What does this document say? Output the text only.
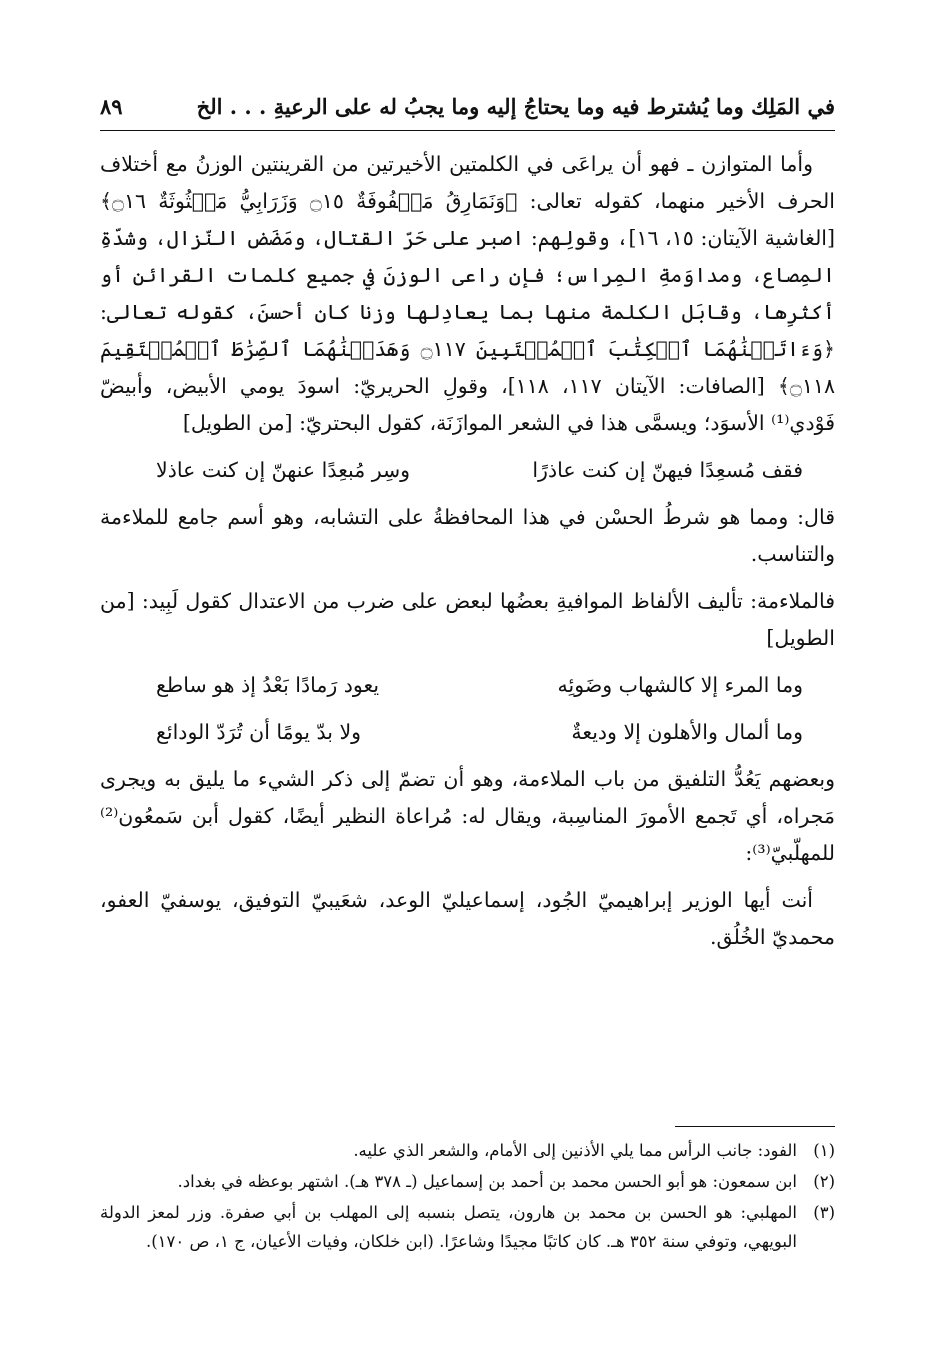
في المَلِك وما يُشترط فيه وما يحتاجُ إليه وما يجبُ له على الرعيةِ . . . الخ
٨٩

وأما المتوازن ـ فهو أن يراعَى في الكلمتين الأخيرتين من القرينتين الوزنُ مع أختلاف الحرف الأخير منهما، كقوله تعالى: ﴿وَنَمَارِقُ مَصۡفُوفَةٌ ۝١٥ وَزَرَابِيُّ مَبۡثُوثَةٌ ۝١٦﴾ [الغاشية الآيتان: ١٥، ١٦]، وقولِهم: اصبر على حَرّ القتال، ومَضَض النّزال، وشدّةِ المِصاع، ومداوَمةِ المِراس؛ فإن راعى الوزنَ في جميع كلمات القرائن أو أكثرِها، وقابَل الكلمة منها بما يعادِلها وزنا كان أحسنَ، كقوله تعالى: ﴿وَءَاتَيۡنَٰهُمَا ٱلۡكِتَٰبَ ٱلۡمُسۡتَبِينَ ۝١١٧ وَهَدَيۡنَٰهُمَا ٱلصِّرَٰطَ ٱلۡمُسۡتَقِيمَ ۝١١٨﴾ [الصافات: الآيتان ١١٧، ١١٨]، وقولِ الحريريّ: اسودَ يومي الأبيض، وأبيضّ فَوْدي⁽¹⁾ الأسوَد؛ ويسمَّى هذا في الشعر الموازَنَة، كقول البحتريّ: [من الطويل]

فقف مُسعِدًا فيهنّ إن كنت عاذرًا
وسِر مُبعِدًا عنهنّ إن كنت عاذلا

قال: ومما هو شرطُ الحسْن في هذا المحافظةُ على التشابه، وهو أسم جامع للملاءمة والتناسب.

فالملاءمة: تأليف الألفاظ الموافيةِ بعضُها لبعض على ضرب من الاعتدال كقول لَبِيد: [من الطويل]

وما المرء إلا كالشهاب وضَوئِه
يعود رَمادًا بَعْدُ إذ هو ساطع
وما ألمال والأهلون إلا وديعةٌ
ولا بدّ يومًا أن تُرَدّ الودائع

وبعضهم يَعُدُّ التلفيق من باب الملاءمة، وهو أن تضمّ إلى ذكر الشيء ما يليق به ويجرى مَجراه، أي تَجمع الأمورَ المناسِبة، ويقال له: مُراعاة النظير أيضًا، كقول أبن سَمعُون⁽²⁾ للمهلّبيّ⁽³⁾:

أنت أيها الوزير إبراهيميّ الجُود، إسماعيليّ الوعد، شعَيبيّ التوفيق، يوسفيّ العفو، محمديّ الخُلُق.

(١)
الفود: جانب الرأس مما يلي الأذنين إلى الأمام، والشعر الذي عليه.
(٢)
ابن سمعون: هو أبو الحسن محمد بن أحمد بن إسماعيل (ـ ٣٧٨ هـ). اشتهر بوعظه في بغداد.
(٣)
المهلبي: هو الحسن بن محمد بن هارون، يتصل بنسبه إلى المهلب بن أبي صفرة. وزر لمعز الدولة البويهي، وتوفي سنة ٣٥٢ هـ. كان كاتبًا مجيدًا وشاعرًا. (ابن خلكان، وفيات الأعيان، ج ١، ص ١٧٠).
